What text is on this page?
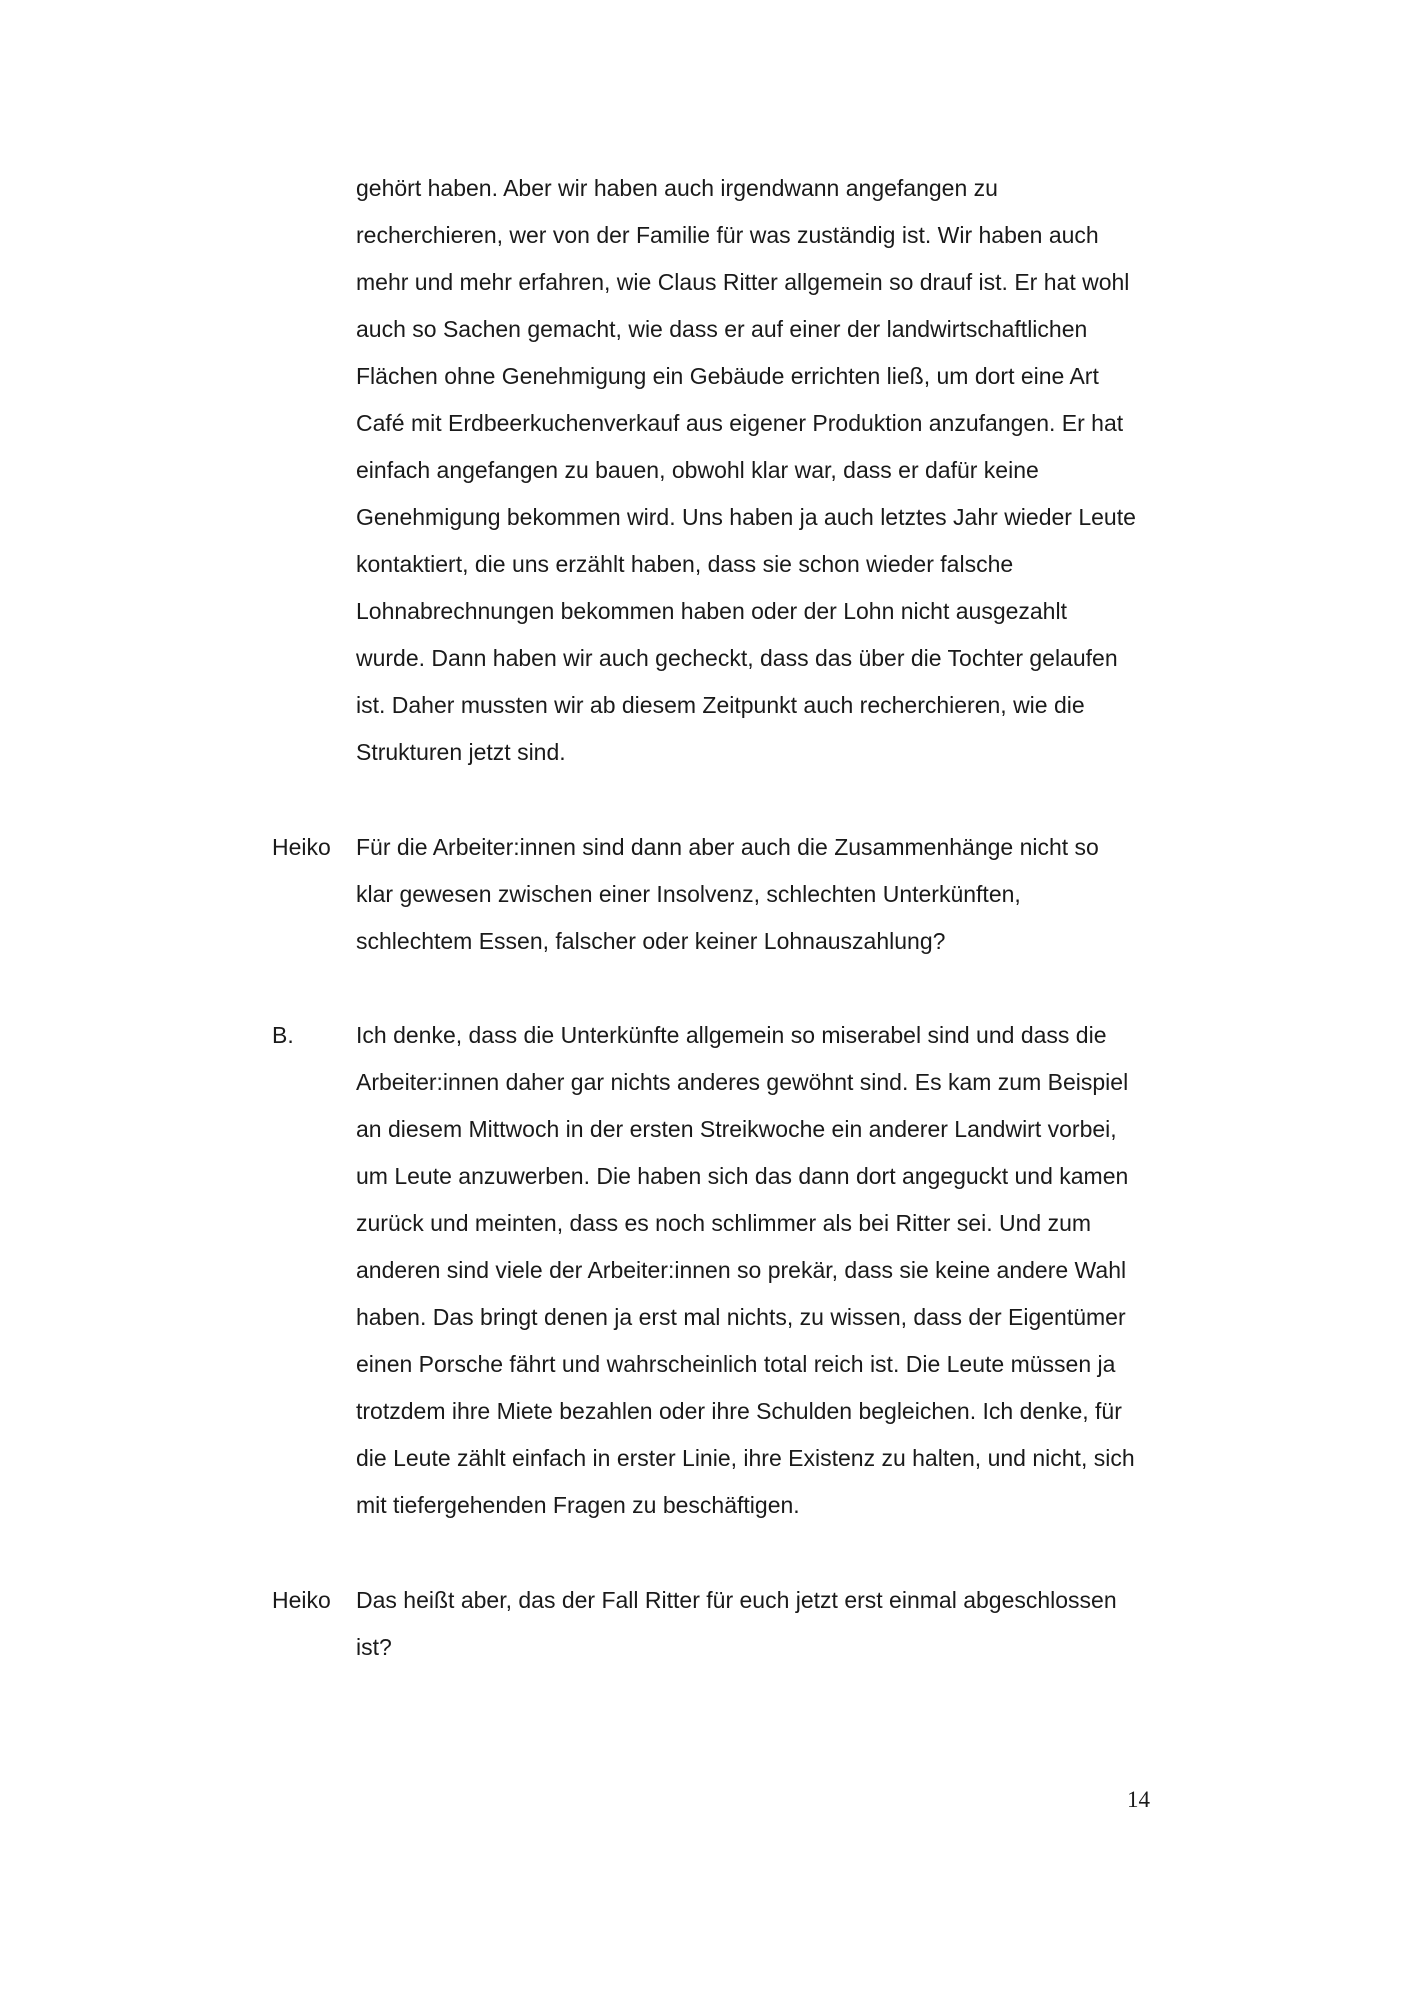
gehört haben. Aber wir haben auch irgendwann angefangen zu
recherchieren, wer von der Familie für was zuständig ist. Wir haben auch
mehr und mehr erfahren, wie Claus Ritter allgemein so drauf ist. Er hat wohl
auch so Sachen gemacht, wie dass er auf einer der landwirtschaftlichen
Flächen ohne Genehmigung ein Gebäude errichten ließ, um dort eine Art
Café mit Erdbeerkuchenverkauf aus eigener Produktion anzufangen. Er hat
einfach angefangen zu bauen, obwohl klar war, dass er dafür keine
Genehmigung bekommen wird. Uns haben ja auch letztes Jahr wieder Leute
kontaktiert, die uns erzählt haben, dass sie schon wieder falsche
Lohnabrechnungen bekommen haben oder der Lohn nicht ausgezahlt
wurde. Dann haben wir auch gecheckt, dass das über die Tochter gelaufen
ist. Daher mussten wir ab diesem Zeitpunkt auch recherchieren, wie die
Strukturen jetzt sind.
Heiko	Für die Arbeiter:innen sind dann aber auch die Zusammenhänge nicht so
klar gewesen zwischen einer Insolvenz, schlechten Unterkünften,
schlechtem Essen, falscher oder keiner Lohnauszahlung?
B.	Ich denke, dass die Unterkünfte allgemein so miserabel sind und dass die
Arbeiter:innen daher gar nichts anderes gewöhnt sind. Es kam zum Beispiel
an diesem Mittwoch in der ersten Streikwoche ein anderer Landwirt vorbei,
um Leute anzuwerben. Die haben sich das dann dort angeguckt und kamen
zurück und meinten, dass es noch schlimmer als bei Ritter sei. Und zum
anderen sind viele der Arbeiter:innen so prekär, dass sie keine andere Wahl
haben. Das bringt denen ja erst mal nichts, zu wissen, dass der Eigentümer
einen Porsche fährt und wahrscheinlich total reich ist. Die Leute müssen ja
trotzdem ihre Miete bezahlen oder ihre Schulden begleichen. Ich denke, für
die Leute zählt einfach in erster Linie, ihre Existenz zu halten, und nicht, sich
mit tiefergehenden Fragen zu beschäftigen.
Heiko	Das heißt aber, das der Fall Ritter für euch jetzt erst einmal abgeschlossen
ist?
14
